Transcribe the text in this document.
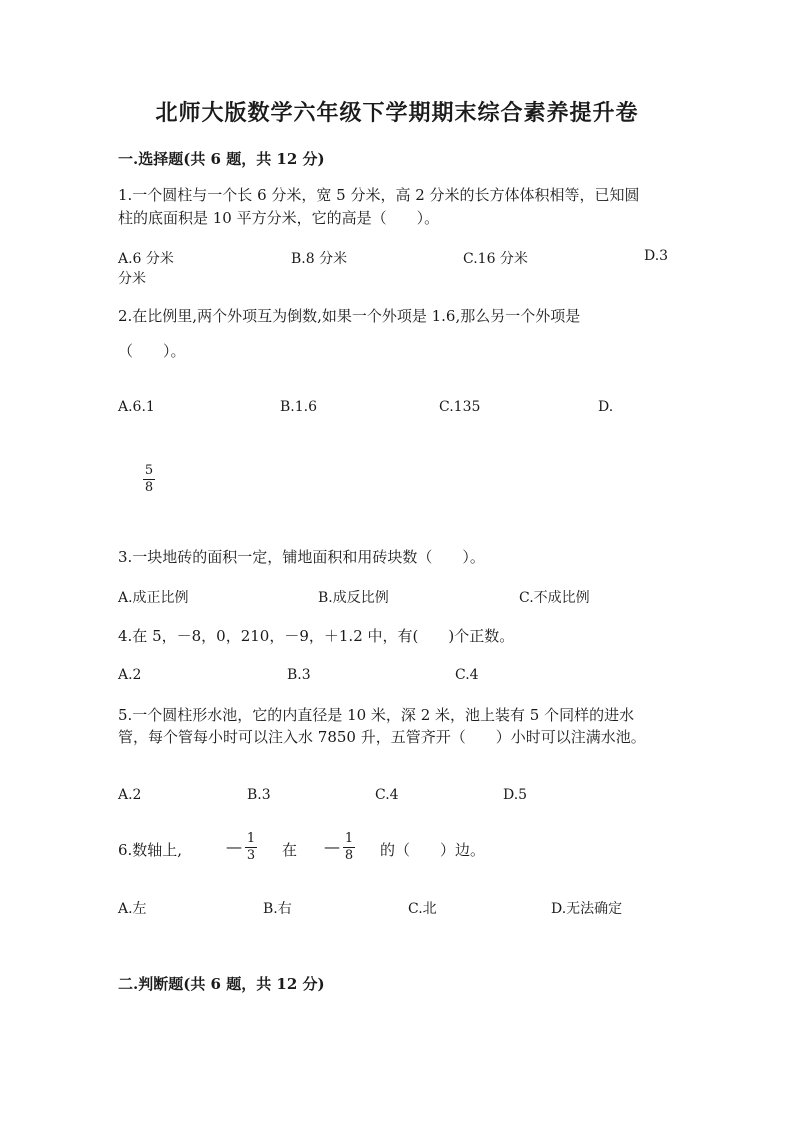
北师大版数学六年级下学期期末综合素养提升卷
一.选择题(共 6 题，共 12 分)
1.一个圆柱与一个长 6 分米，宽 5 分米，高 2 分米的长方体体积相等，已知圆
柱的底面积是 10 平方分米，它的高是（　　）。
A.6 分米	B.8 分米	C.16 分米	D.3
分米
2.在比例里,两个外项互为倒数,如果一个外项是 1.6,那么另一个外项是
（　　）。
A.6.1	B.1.6	C.135	D.
5
8
3.一块地砖的面积一定，铺地面积和用砖块数（　　）。
A.成正比例	B.成反比例	C.不成比例
4.在 5，－8，0，210，－9，＋1.2 中，有(　　)个正数。
A.2	B.3	C.4
5.一个圆柱形水池，它的内直径是 10 米，深 2 米，池上装有 5 个同样的进水
管，每个管每小时可以注入水 7850 升，五管齐开（　　）小时可以注满水池。
A.2	B.3	C.4	D.5
6.数轴上,	— 1
3 在 — 1
8 的（　　）边。
A.左	B.右	C.北	D.无法确定
二.判断题(共 6 题，共 12 分)
